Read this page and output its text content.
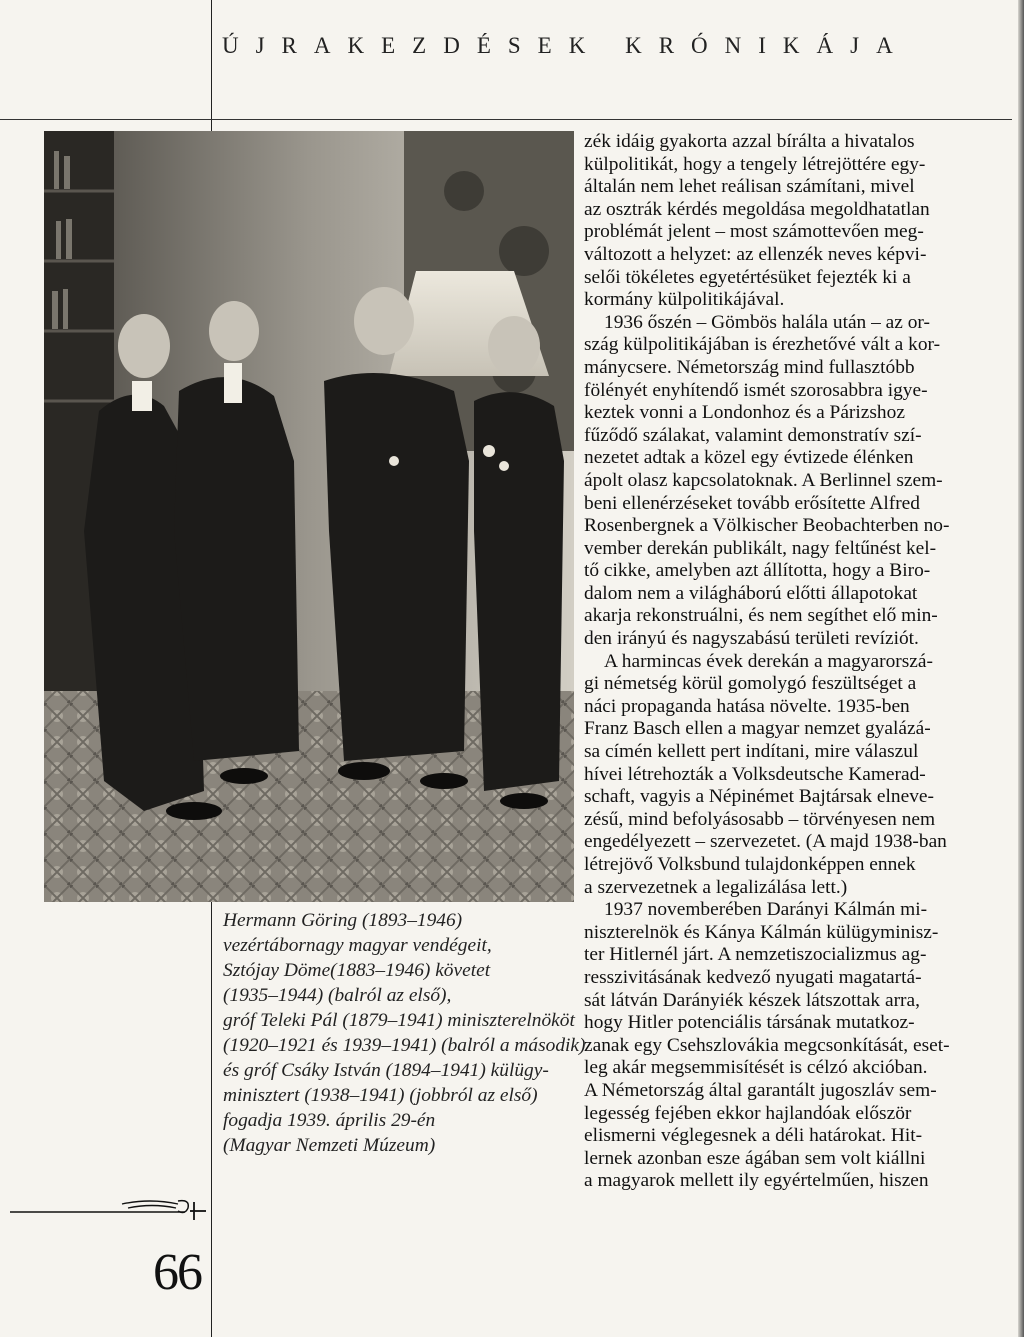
ÚJRAKEZDÉSEK KRÓNIKÁJA
Hermann Göring (1893–1946)
vezértábornagy magyar vendégeit,
Sztójay Döme(1883–1946) követet
(1935–1944) (balról az első),
gróf Teleki Pál (1879–1941) miniszterelnököt
(1920–1921 és 1939–1941) (balról a második)
és gróf Csáky István (1894–1941) külügy-
minisztert (1938–1941) (jobbról az első)
fogadja 1939. április 29-én
(Magyar Nemzeti Múzeum)
zék idáig gyakorta azzal bírálta a hivatalos
külpolitikát, hogy a tengely létrejöttére egy-
általán nem lehet reálisan számítani, mivel
az osztrák kérdés megoldása megoldhatatlan
problémát jelent – most számottevően meg-
változott a helyzet: az ellenzék neves képvi-
selői tökéletes egyetértésüket fejezték ki a
kormány külpolitikájával.
1936 őszén – Gömbös halála után – az or-
szág külpolitikájában is érezhetővé vált a kor-
mánycsere. Németország mind fullasztóbb
fölényét enyhítendő ismét szorosabbra igye-
keztek vonni a Londonhoz és a Párizshoz
fűződő szálakat, valamint demonstratív szí-
nezetet adtak a közel egy évtizede élénken
ápolt olasz kapcsolatoknak. A Berlinnel szem-
beni ellenérzéseket tovább erősítette Alfred
Rosenbergnek a Völkischer Beobachterben no-
vember derekán publikált, nagy feltűnést kel-
tő cikke, amelyben azt állította, hogy a Biro-
dalom nem a világháború előtti állapotokat
akarja rekonstruálni, és nem segíthet elő min-
den irányú és nagyszabású területi revíziót.
A harmincas évek derekán a magyarorszá-
gi németség körül gomolygó feszültséget a
náci propaganda hatása növelte. 1935-ben
Franz Basch ellen a magyar nemzet gyalázá-
sa címén kellett pert indítani, mire válaszul
hívei létrehozták a Volksdeutsche Kamerad-
schaft, vagyis a Népinémet Bajtársak elneve-
zésű, mind befolyásosabb – törvényesen nem
engedélyezett – szervezetet. (A majd 1938-ban
létrejövő Volksbund tulajdonképpen ennek
a szervezetnek a legalizálása lett.)
1937 novemberében Darányi Kálmán mi-
niszterelnök és Kánya Kálmán külügyminisz-
ter Hitlernél járt. A nemzetiszocializmus ag-
resszivitásának kedvező nyugati magatartá-
sát látván Darányiék készek látszottak arra,
hogy Hitler potenciális társának mutatkoz-
zanak egy Csehszlovákia megcsonkítását, eset-
leg akár megsemmisítését is célzó akcióban.
A Németország által garantált jugoszláv sem-
legesség fejében ekkor hajlandóak először
elismerni véglegesnek a déli határokat. Hit-
lernek azonban esze ágában sem volt kiállni
a magyarok mellett ily egyértelműen, hiszen
66
